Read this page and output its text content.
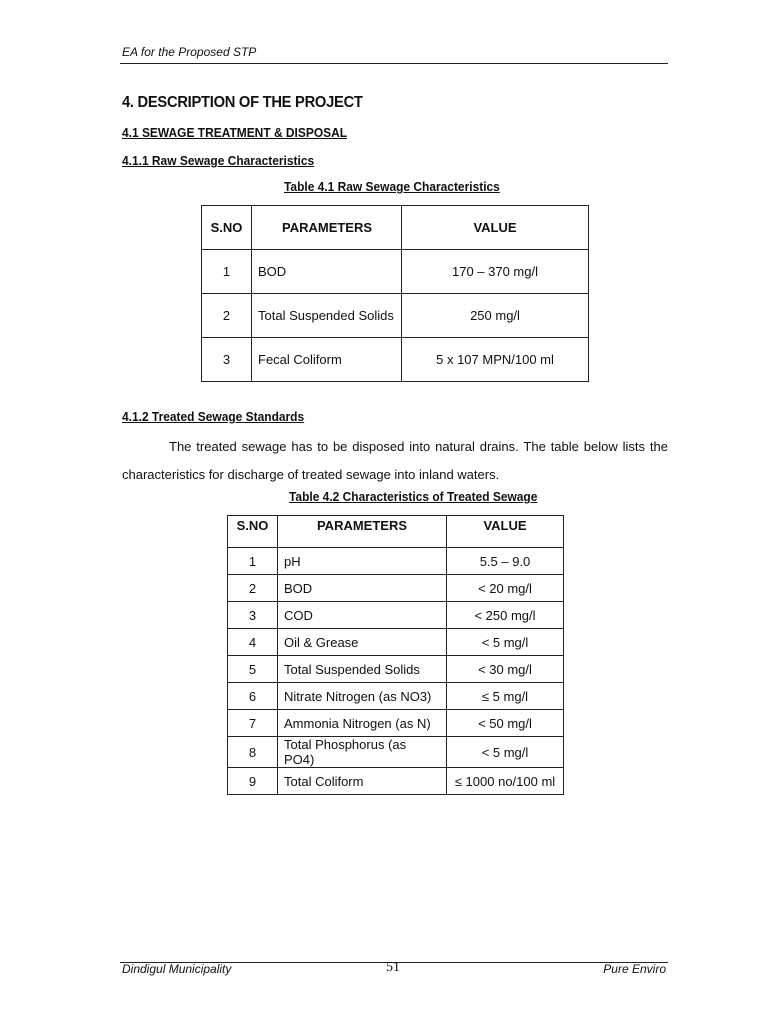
EA for the Proposed STP
4. DESCRIPTION OF THE PROJECT
4.1 SEWAGE TREATMENT & DISPOSAL
4.1.1 Raw Sewage Characteristics
Table 4.1 Raw Sewage Characteristics
S.NO	PARAMETERS	VALUE
1	BOD	170 – 370 mg/l
2	Total Suspended Solids	250 mg/l
3	Fecal Coliform	5 x 107 MPN/100 ml
4.1.2 Treated Sewage Standards
The treated sewage has to be disposed into natural drains. The table below lists the characteristics for discharge of treated sewage into inland waters.
Table 4.2 Characteristics of Treated Sewage
S.NO	PARAMETERS	VALUE
1	pH	5.5 – 9.0
2	BOD	< 20 mg/l
3	COD	< 250 mg/l
4	Oil & Grease	< 5 mg/l
5	Total Suspended Solids	< 30 mg/l
6	Nitrate Nitrogen (as NO3)	≤ 5 mg/l
7	Ammonia Nitrogen (as N)	< 50 mg/l
8	Total Phosphorus (as PO4)	< 5 mg/l
9	Total Coliform	≤ 1000 no/100 ml
Dindigul Municipality	51	Pure Enviro
